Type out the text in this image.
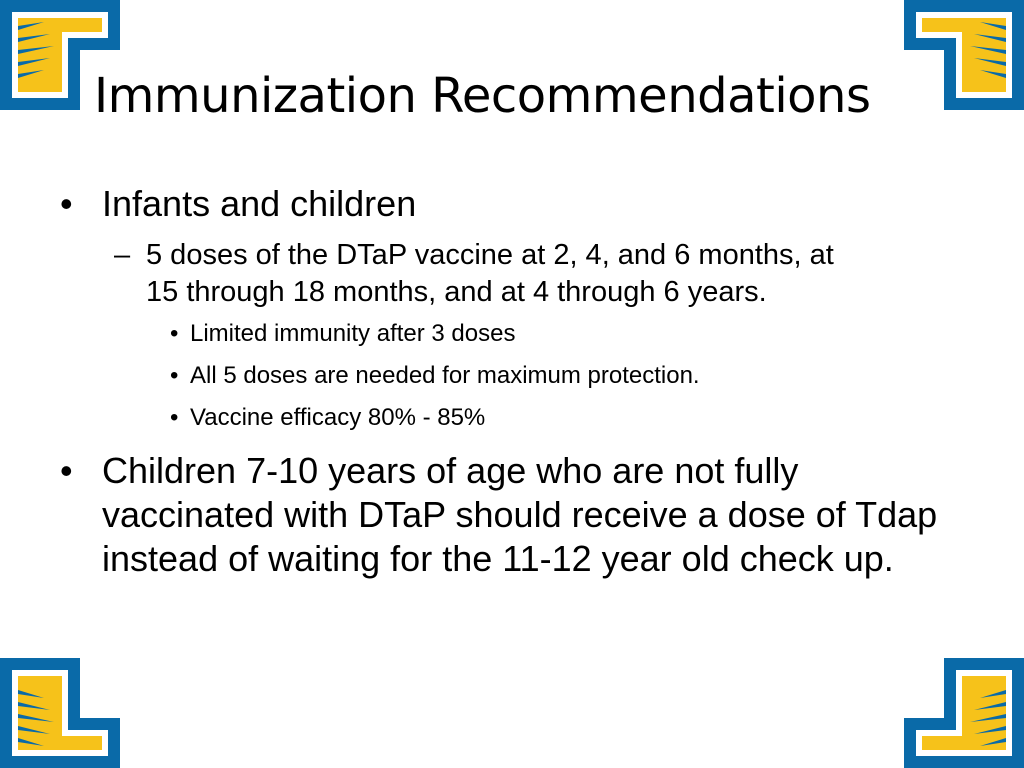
Immunization Recommendations
• Infants and children
– 5 doses of the DTaP vaccine at 2, 4, and 6 months, at 15 through 18 months, and at 4 through 6 years.
• Limited immunity after 3 doses
• All 5 doses are needed for maximum protection.
• Vaccine efficacy 80% - 85%
• Children 7-10 years of age who are not fully vaccinated with DTaP should receive a dose of Tdap instead of waiting for the 11-12 year old check up.
